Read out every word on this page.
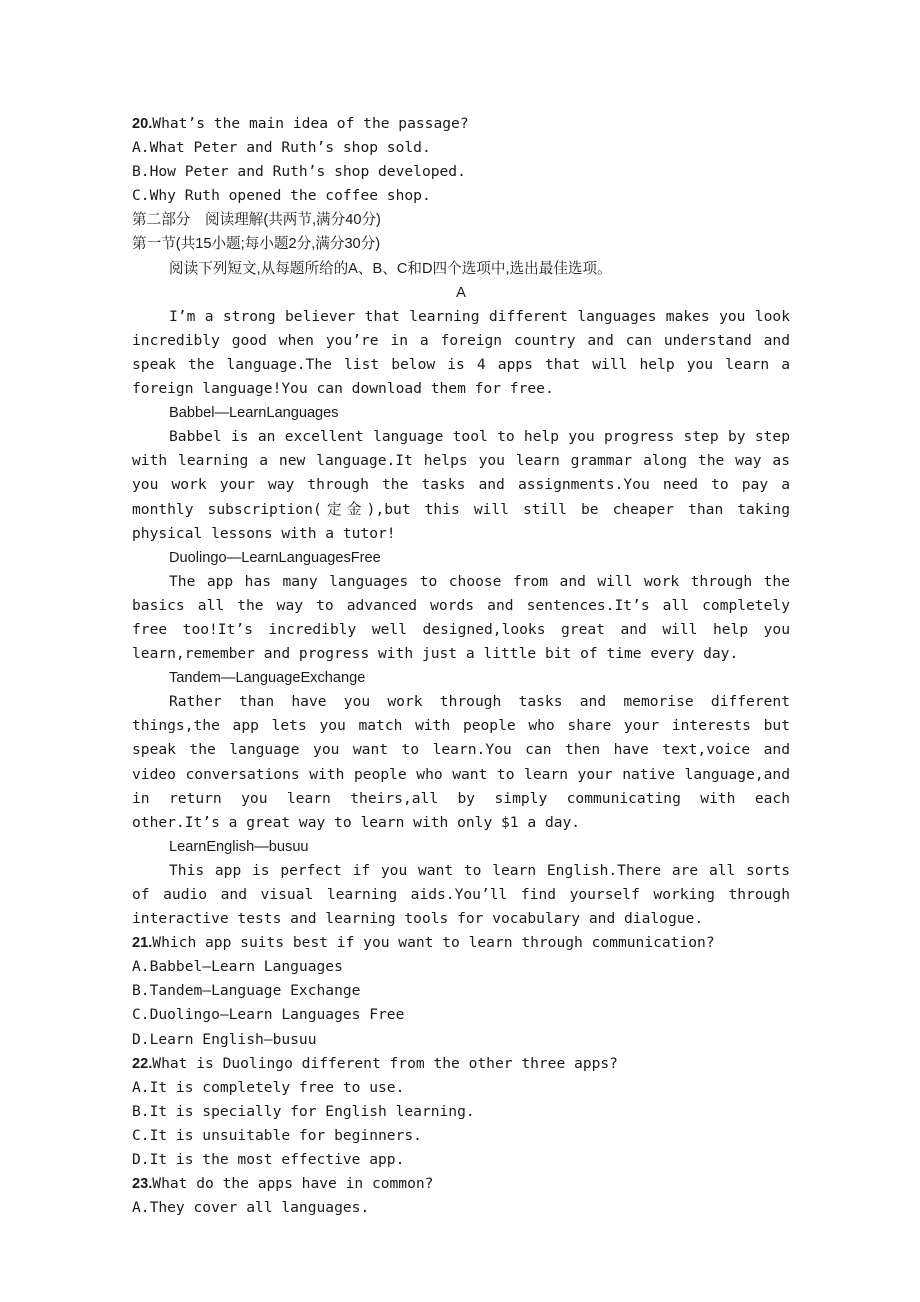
20.What’s the main idea of the passage?

A.What Peter and Ruth’s shop sold.

B.How Peter and Ruth’s shop developed.

C.Why Ruth opened the coffee shop.

第二部分　阅读理解(共两节,满分40分)

第一节(共15小题;每小题2分,满分30分)

阅读下列短文,从每题所给的A、B、C和D四个选项中,选出最佳选项。

A

I’m a strong believer that learning different languages makes you look incredibly good when you’re in a foreign country and can understand and speak the language.The list below is 4 apps that will help you learn a foreign language!You can download them for free.

Babbel—LearnLanguages

Babbel is an excellent language tool to help you progress step by step with learning a new language.It helps you learn grammar along the way as you work your way through the tasks and assignments.You need to pay a monthly subscription(定金),but this will still be cheaper than taking physical lessons with a tutor!

Duolingo—LearnLanguagesFree

The app has many languages to choose from and will work through the basics all the way to advanced words and sentences.It’s all completely free too!It’s incredibly well designed,looks great and will help you learn,remember and progress with just a little bit of time every day.

Tandem—LanguageExchange

Rather than have you work through tasks and memorise different things,the app lets you match with people who share your interests but speak the language you want to learn.You can then have text,voice and video conversations with people who want to learn your native language,and in return you learn theirs,all by simply communicating with each other.It’s a great way to learn with only $1 a day.

LearnEnglish—busuu

This app is perfect if you want to learn English.There are all sorts of audio and visual learning aids.You’ll find yourself working through interactive tests and learning tools for vocabulary and dialogue.

21.Which app suits best if you want to learn through communication?

A.Babbel—Learn Languages

B.Tandem—Language Exchange

C.Duolingo—Learn Languages Free

D.Learn English—busuu

22.What is Duolingo different from the other three apps?

A.It is completely free to use.

B.It is specially for English learning.

C.It is unsuitable for beginners.

D.It is the most effective app.

23.What do the apps have in common?

A.They cover all languages.
